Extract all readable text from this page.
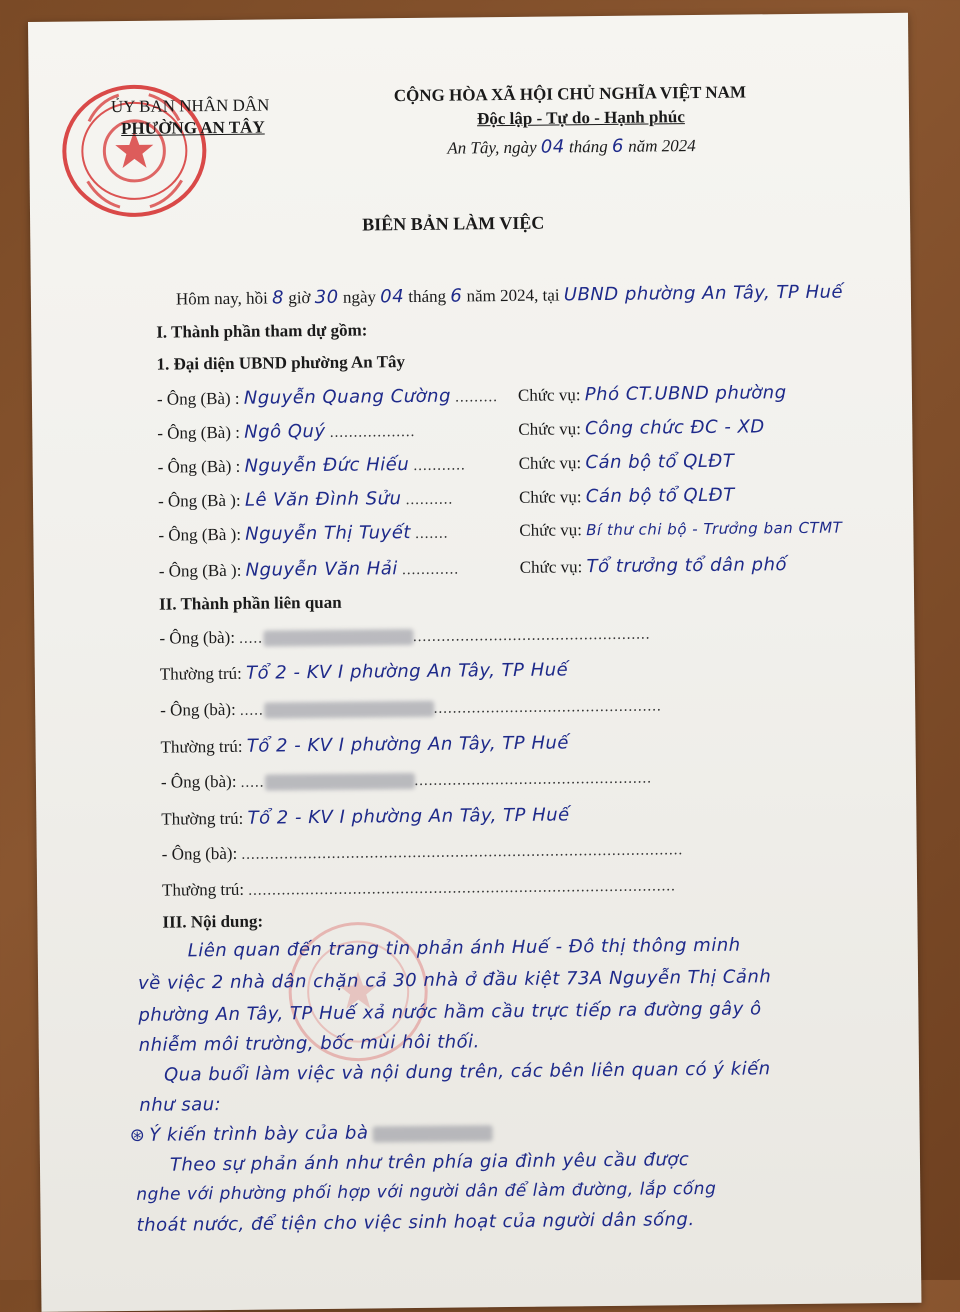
ỦY BAN NHÂN DÂN
PHƯỜNG AN TÂY
CỘNG HÒA XÃ HỘI CHỦ NGHĨA VIỆT NAM
Độc lập - Tự do - Hạnh phúc
An Tây, ngày 04 tháng 6 năm 2024
BIÊN BẢN LÀM VIỆC
Hôm nay, hồi 8 giờ 30 ngày 04 tháng 6 năm 2024, tại UBND phường An Tây, TP Huế
I. Thành phần tham dự gồm:
1. Đại diện UBND phường An Tây
- Ông (Bà) : Nguyễn Quang Cường ......... Chức vụ: Phó CT.UBND phường
- Ông (Bà) : Ngô Quý ..................	Chức vụ: Công chức ĐC - XD
- Ông (Bà) : Nguyễn Đức Hiếu ...........	Chức vụ: Cán bộ tổ QLĐT
- Ông (Bà ): Lê Văn Đình Sửu ..........	Chức vụ: Cán bộ tổ QLĐT
- Ông (Bà ): Nguyễn Thị Tuyết .......	Chức vụ: Bí thư chi bộ - Trưởng ban CTMT
- Ông (Bà ): Nguyễn Văn Hải ............	Chức vụ: Tổ trưởng tổ dân phố
II. Thành phần liên quan
- Ông (bà): .....	..................................................
Thường trú: Tổ 2 - KV I phường An Tây, TP Huế
- Ông (bà): .....	................................................
Thường trú: Tổ 2 - KV I phường An Tây, TP Huế
- Ông (bà): .....	..................................................
Thường trú: Tổ 2 - KV I phường An Tây, TP Huế
- Ông (bà): .............................................................................................
Thường trú: ..........................................................................................
III. Nội dung:
Liên quan đến trang tin phản ánh Huế - Đô thị thông minh
về việc 2 nhà dân chặn cả 30 nhà ở đầu kiệt 73A Nguyễn Thị Cảnh
phường An Tây, TP Huế xả nước hầm cầu trực tiếp ra đường gây ô
nhiễm môi trường, bốc mùi hôi thối.
Qua buổi làm việc và nội dung trên, các bên liên quan có ý kiến
như sau:
⊛ Ý kiến trình bày của bà
Theo sự phản ánh như trên phía gia đình yêu cầu được
nghe với phường phối hợp với người dân để làm đường, lắp cống
thoát nước, để tiện cho việc sinh hoạt của người dân sống.
